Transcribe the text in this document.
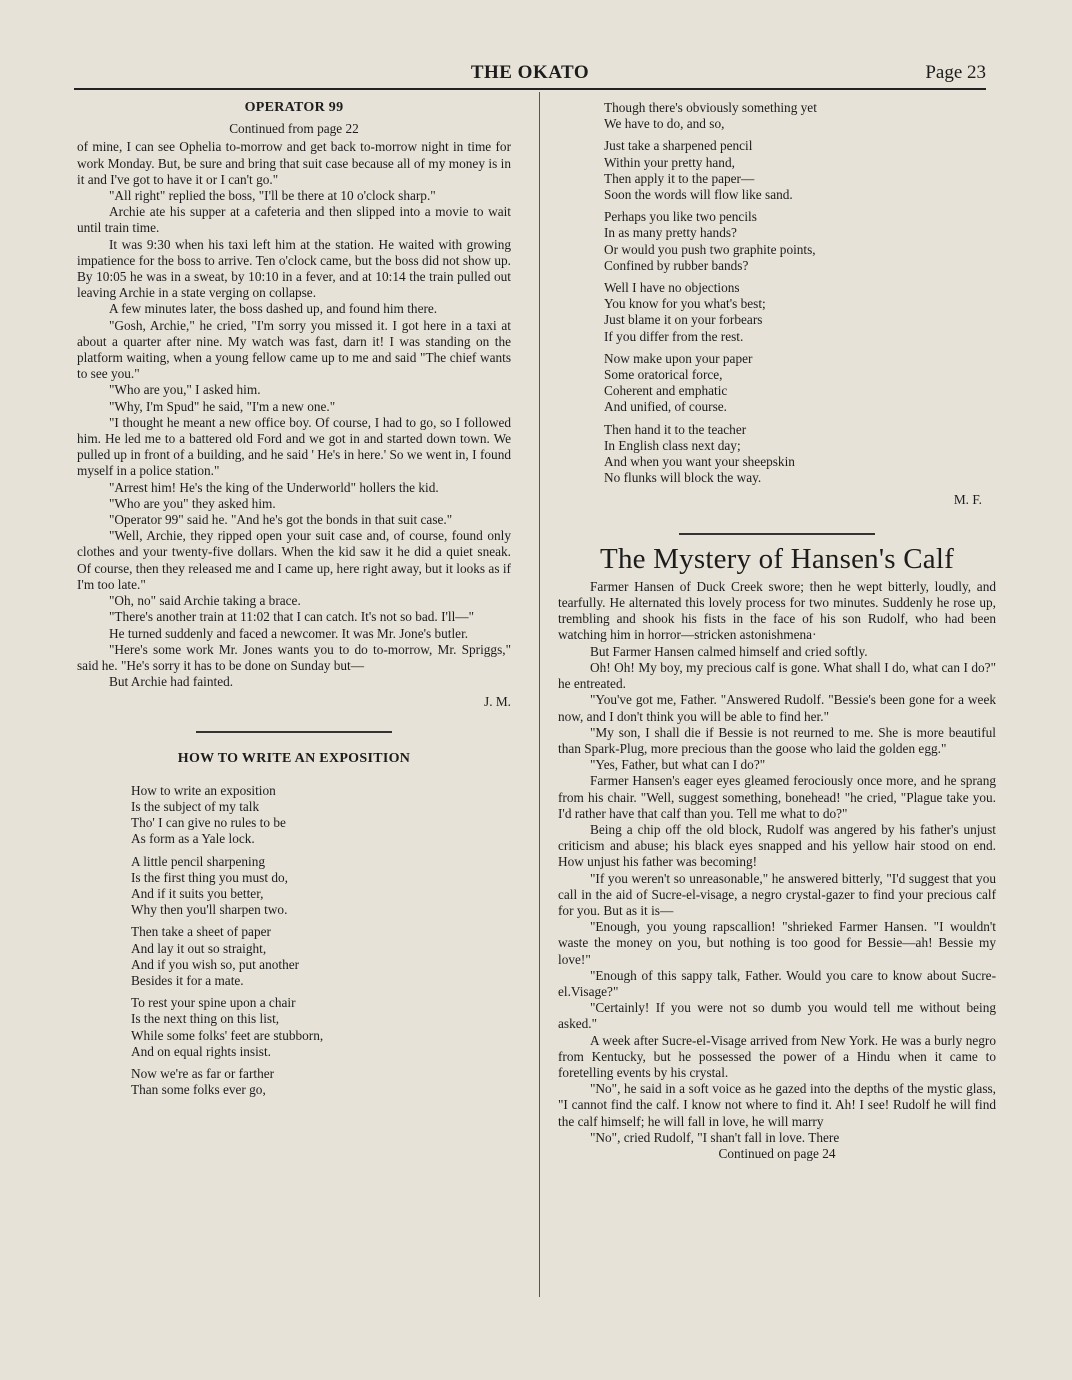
THE OKATO	Page 23
OPERATOR 99
Continued from page 22

of mine, I can see Ophelia to-morrow and get back to-morrow night in time for work Monday. But, be sure and bring that suit case because all of my money is in it and I've got to have it or I can't go."

"All right" replied the boss, "I'll be there at 10 o'clock sharp."

Archie ate his supper at a cafeteria and then slipped into a movie to wait until train time.

It was 9:30 when his taxi left him at the station. He waited with growing impatience for the boss to arrive. Ten o'clock came, but the boss did not show up. By 10:05 he was in a sweat, by 10:10 in a fever, and at 10:14 the train pulled out leaving Archie in a state verging on collapse.

A few minutes later, the boss dashed up, and found him there.

"Gosh, Archie," he cried, "I'm sorry you missed it. I got here in a taxi at about a quarter after nine. My watch was fast, darn it! I was standing on the platform waiting, when a young fellow came up to me and said "The chief wants to see you."

"Who are you," I asked him.

"Why, I'm Spud" he said, "I'm a new one."

"I thought he meant a new office boy. Of course, I had to go, so I followed him. He led me to a battered old Ford and we got in and started down town. We pulled up in front of a building, and he said ' He's in here.' So we went in, I found myself in a police station."

"Arrest him! He's the king of the Underworld" hollers the kid.

"Who are you" they asked him.

"Operator 99" said he. "And he's got the bonds in that suit case."

"Well, Archie, they ripped open your suit case and, of course, found only clothes and your twenty-five dollars. When the kid saw it he did a quiet sneak. Of course, then they released me and I came up, here right away, but it looks as if I'm too late."

"Oh, no" said Archie taking a brace.

"There's another train at 11:02 that I can catch. It's not so bad. I'll—"

He turned suddenly and faced a newcomer. It was Mr. Jone's butler.

"Here's some work Mr. Jones wants you to do to-morrow, Mr. Spriggs," said he. "He's sorry it has to be done on Sunday but—

But Archie had fainted.

J. M.
HOW TO WRITE AN EXPOSITION
How to write an exposition
Is the subject of my talk
Tho' I can give no rules to be
As form as a Yale lock.
A little pencil sharpening
Is the first thing you must do,
And if it suits you better,
Why then you'll sharpen two.
Then take a sheet of paper
And lay it out so straight,
And if you wish so, put another
Besides it for a mate.
To rest your spine upon a chair
Is the next thing on this list,
While some folks' feet are stubborn,
And on equal rights insist.
Now we're as far or farther
Than some folks ever go,
Though there's obviously something yet
We have to do, and so,
Just take a sharpened pencil
Within your pretty hand,
Then apply it to the paper—
Soon the words will flow like sand.
Perhaps you like two pencils
In as many pretty hands?
Or would you push two graphite points,
Confined by rubber bands?
Well I have no objections
You know for you what's best;
Just blame it on your forbears
If you differ from the rest.
Now make upon your paper
Some oratorical force,
Coherent and emphatic
And unified, of course.
Then hand it to the teacher
In English class next day;
And when you want your sheepskin
No flunks will block the way.
M. F.
The Mystery of Hansen's Calf

Farmer Hansen of Duck Creek swore; then he wept bitterly, loudly, and tearfully. He alternated this lovely process for two minutes. Suddenly he rose up, trembling and shook his fists in the face of his son Rudolf, who had been watching him in horror—stricken astonishmena·

But Farmer Hansen calmed himself and cried softly.

Oh! Oh! My boy, my precious calf is gone. What shall I do, what can I do?" he entreated.

"You've got me, Father. "Answered Rudolf. "Bessie's been gone for a week now, and I don't think you will be able to find her."

"My son, I shall die if Bessie is not reurned to me. She is more beautiful than Spark-Plug, more precious than the goose who laid the golden egg."

"Yes, Father, but what can I do?"

Farmer Hansen's eager eyes gleamed ferociously once more, and he sprang from his chair. "Well, suggest something, bonehead! "he cried, "Plague take you. I'd rather have that calf than you. Tell me what to do?"

Being a chip off the old block, Rudolf was angered by his father's unjust criticism and abuse; his black eyes snapped and his yellow hair stood on end. How unjust his father was becoming!

"If you weren't so unreasonable," he answered bitterly, "I'd suggest that you call in the aid of Sucre-el-visage, a negro crystal-gazer to find your precious calf for you. But as it is—

"Enough, you young rapscallion! "shrieked Farmer Hansen. "I wouldn't waste the money on you, but nothing is too good for Bessie—ah! Bessie my love!"

"Enough of this sappy talk, Father. Would you care to know about Sucre-el.Visage?"

"Certainly! If you were not so dumb you would tell me without being asked."

A week after Sucre-el-Visage arrived from New York. He was a burly negro from Kentucky, but he possessed the power of a Hindu when it came to foretelling events by his crystal.

"No", he said in a soft voice as he gazed into the depths of the mystic glass, "I cannot find the calf. I know not where to find it. Ah! I see! Rudolf he will find the calf himself; he will fall in love, he will marry

"No", cried Rudolf, "I shan't fall in love. There

Continued on page 24
